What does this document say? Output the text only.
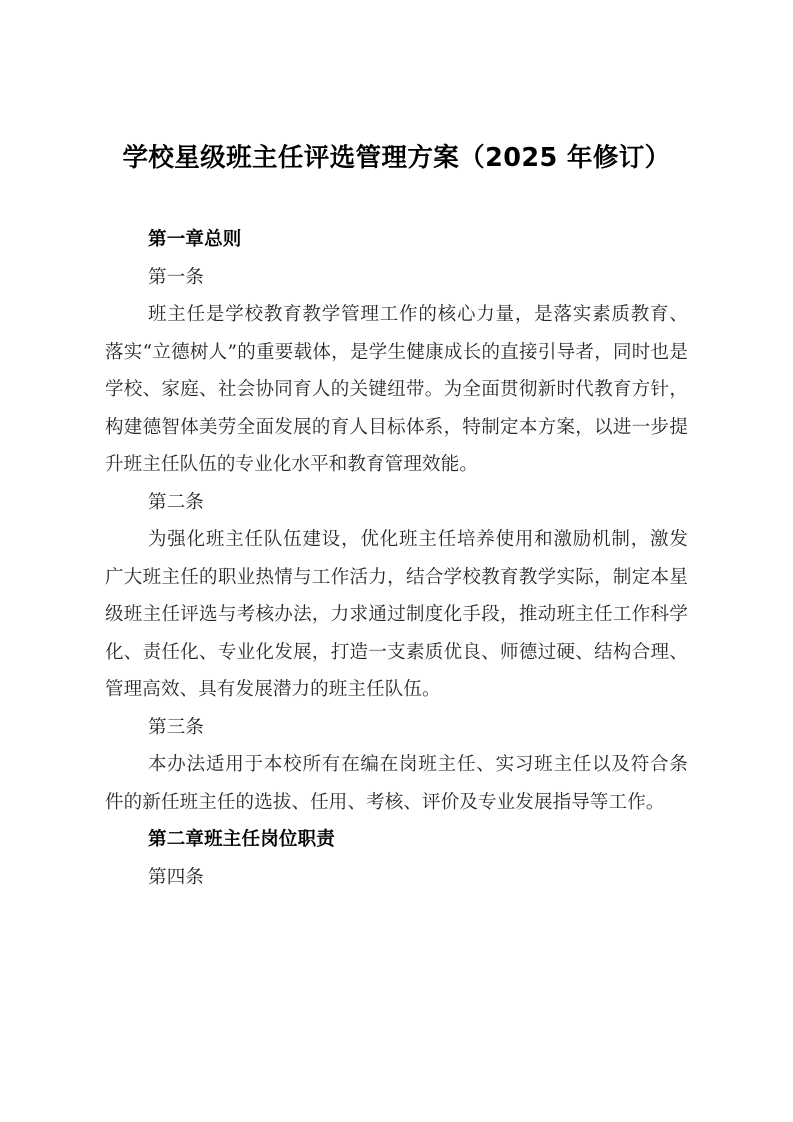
学校星级班主任评选管理方案（2025 年修订）

第一章总则

第一条

班主任是学校教育教学管理工作的核心力量，是落实素质教育、落实“立德树人”的重要载体，是学生健康成长的直接引导者，同时也是学校、家庭、社会协同育人的关键纽带。为全面贯彻新时代教育方针，构建德智体美劳全面发展的育人目标体系，特制定本方案，以进一步提升班主任队伍的专业化水平和教育管理效能。

第二条

为强化班主任队伍建设，优化班主任培养使用和激励机制，激发广大班主任的职业热情与工作活力，结合学校教育教学实际，制定本星级班主任评选与考核办法，力求通过制度化手段，推动班主任工作科学化、责任化、专业化发展，打造一支素质优良、师德过硬、结构合理、管理高效、具有发展潜力的班主任队伍。

第三条

本办法适用于本校所有在编在岗班主任、实习班主任以及符合条件的新任班主任的选拔、任用、考核、评价及专业发展指导等工作。

第二章班主任岗位职责

第四条
